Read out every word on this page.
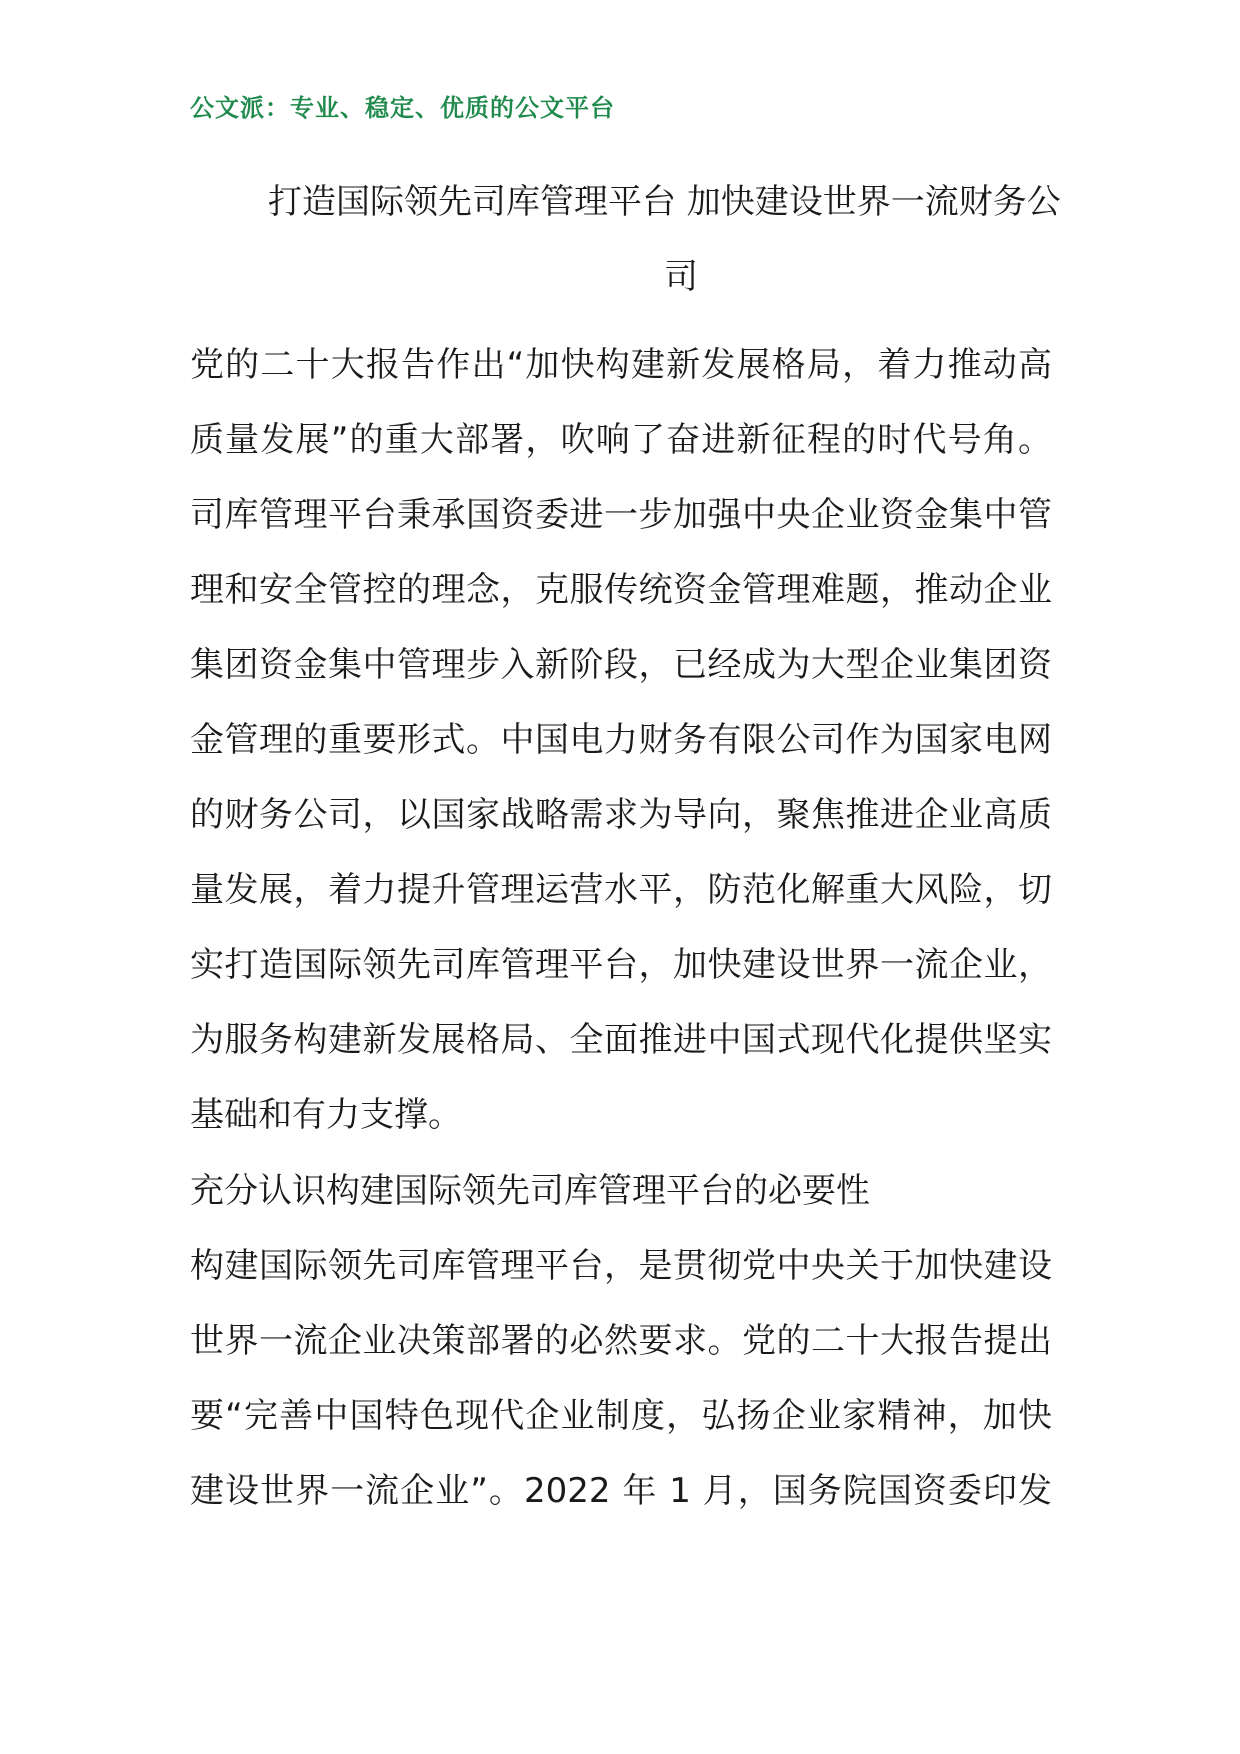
公文派：专业、稳定、优质的公文平台
打造国际领先司库管理平台 加快建设世界一流财务公
司

党的二十大报告作出“加快构建新发展格局，着力推动高
质量发展”的重大部署，吹响了奋进新征程的时代号角。
司库管理平台秉承国资委进一步加强中央企业资金集中管
理和安全管控的理念，克服传统资金管理难题，推动企业
集团资金集中管理步入新阶段，已经成为大型企业集团资
金管理的重要形式。中国电力财务有限公司作为国家电网
的财务公司，以国家战略需求为导向，聚焦推进企业高质
量发展，着力提升管理运营水平，防范化解重大风险，切
实打造国际领先司库管理平台，加快建设世界一流企业，
为服务构建新发展格局、全面推进中国式现代化提供坚实
基础和有力支撑。

充分认识构建国际领先司库管理平台的必要性

构建国际领先司库管理平台，是贯彻党中央关于加快建设
世界一流企业决策部署的必然要求。党的二十大报告提出
要“完善中国特色现代企业制度，弘扬企业家精神，加快
建设世界一流企业”。2022 年 1 月，国务院国资委印发
